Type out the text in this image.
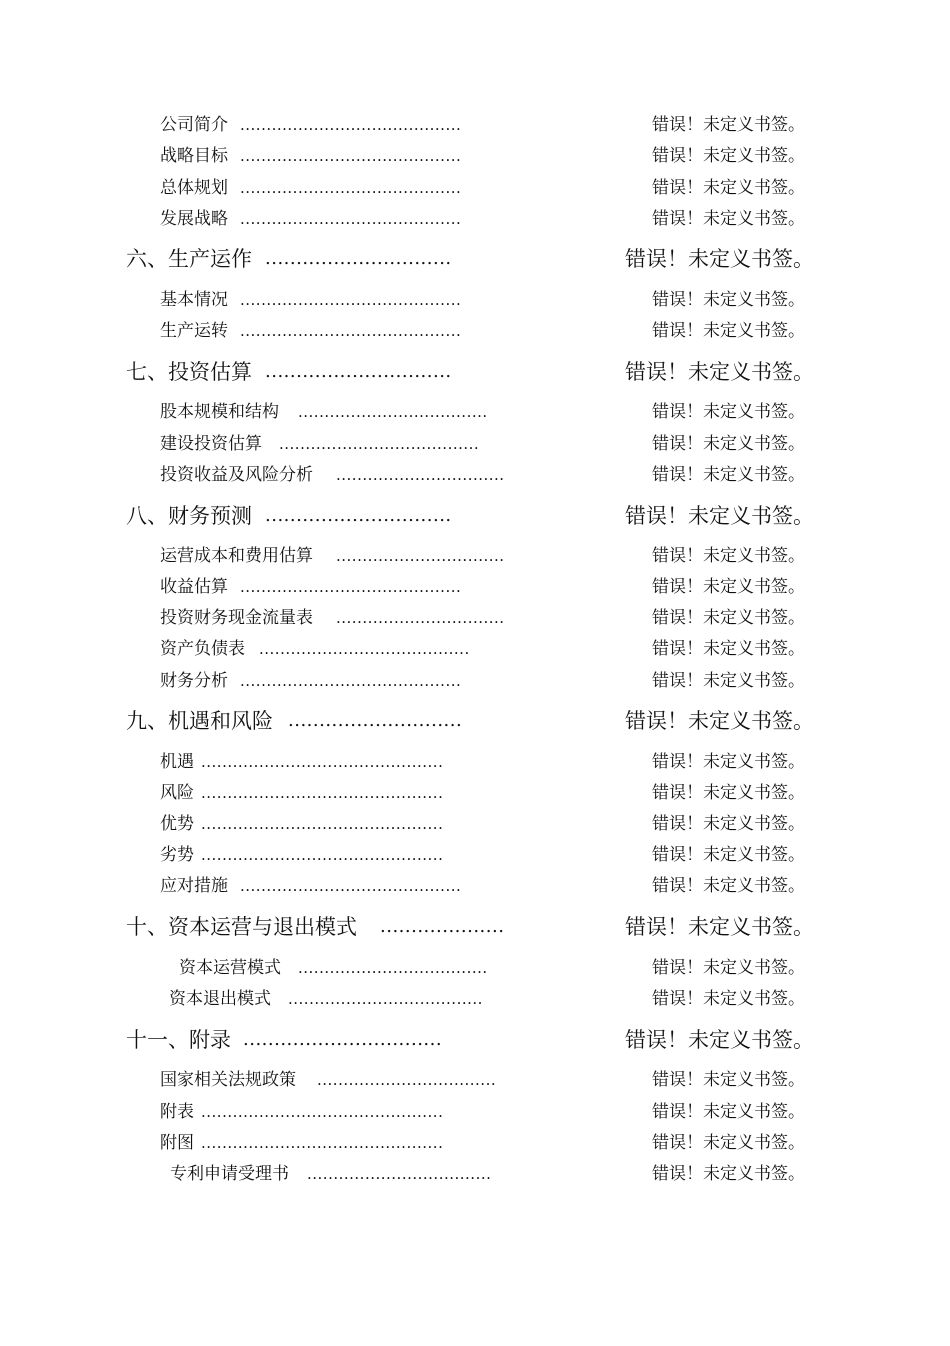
公司简介 ..........................................	错误！未定义书签。
战略目标 ..........................................	错误！未定义书签。
总体规划 ..........................................	错误！未定义书签。
发展战略 ..........................................	错误！未定义书签。
六、生产运作 ..............................	错误！未定义书签。
基本情况 ..........................................	错误！未定义书签。
生产运转 ..........................................	错误！未定义书签。
七、投资估算 ..............................	错误！未定义书签。
股本规模和结构 ....................................	错误！未定义书签。
建设投资估算 ......................................	错误！未定义书签。
投资收益及风险分析 ................................	错误！未定义书签。
八、财务预测 ..............................	错误！未定义书签。
运营成本和费用估算 ................................	错误！未定义书签。
收益估算 ..........................................	错误！未定义书签。
投资财务现金流量表 ................................	错误！未定义书签。
资产负债表 ........................................	错误！未定义书签。
财务分析 ..........................................	错误！未定义书签。
九、机遇和风险 ............................	错误！未定义书签。
机遇 ..............................................	错误！未定义书签。
风险 ..............................................	错误！未定义书签。
优势 ..............................................	错误！未定义书签。
劣势 ..............................................	错误！未定义书签。
应对措施 ..........................................	错误！未定义书签。
十、资本运营与退出模式 ....................	错误！未定义书签。
资本运营模式 ....................................	错误！未定义书签。
资本退出模式 .....................................	错误！未定义书签。
十一、附录 ................................	错误！未定义书签。
国家相关法规政策 ..................................	错误！未定义书签。
附表 ..............................................	错误！未定义书签。
附图 ..............................................	错误！未定义书签。
专利申请受理书 ...................................	错误！未定义书签。
